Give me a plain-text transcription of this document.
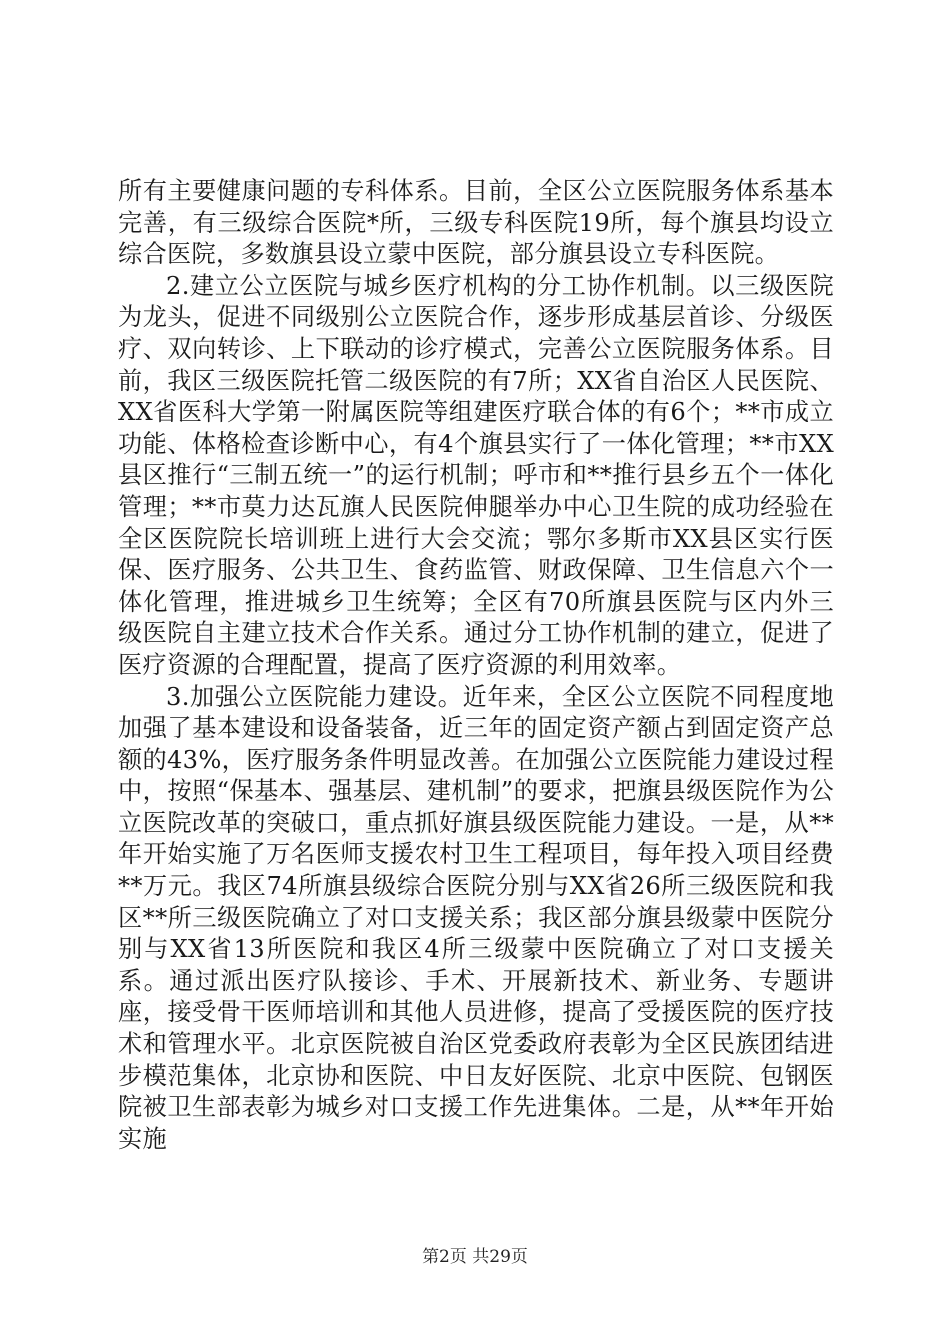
所有主要健康问题的专科体系。目前，全区公立医院服务体系基本完善，有三级综合医院*所，三级专科医院19所，每个旗县均设立综合医院，多数旗县设立蒙中医院，部分旗县设立专科医院。

2.建立公立医院与城乡医疗机构的分工协作机制。以三级医院为龙头，促进不同级别公立医院合作，逐步形成基层首诊、分级医疗、双向转诊、上下联动的诊疗模式，完善公立医院服务体系。目前，我区三级医院托管二级医院的有7所；XX省自治区人民医院、XX省医科大学第一附属医院等组建医疗联合体的有6个；**市成立功能、体格检查诊断中心，有4个旗县实行了一体化管理；**市XX县区推行“三制五统一”的运行机制；呼市和**推行县乡五个一体化管理；**市莫力达瓦旗人民医院伸腿举办中心卫生院的成功经验在全区医院院长培训班上进行大会交流；鄂尔多斯市XX县区实行医保、医疗服务、公共卫生、食药监管、财政保障、卫生信息六个一体化管理，推进城乡卫生统筹；全区有70所旗县医院与区内外三级医院自主建立技术合作关系。通过分工协作机制的建立，促进了医疗资源的合理配置，提高了医疗资源的利用效率。

3.加强公立医院能力建设。近年来，全区公立医院不同程度地加强了基本建设和设备装备，近三年的固定资产额占到固定资产总额的43%，医疗服务条件明显改善。在加强公立医院能力建设过程中，按照“保基本、强基层、建机制”的要求，把旗县级医院作为公立医院改革的突破口，重点抓好旗县级医院能力建设。一是，从**年开始实施了万名医师支援农村卫生工程项目，每年投入项目经费**万元。我区74所旗县级综合医院分别与XX省26所三级医院和我区**所三级医院确立了对口支援关系；我区部分旗县级蒙中医院分别与XX省13所医院和我区4所三级蒙中医院确立了对口支援关系。通过派出医疗队接诊、手术、开展新技术、新业务、专题讲座，接受骨干医师培训和其他人员进修，提高了受援医院的医疗技术和管理水平。北京医院被自治区党委政府表彰为全区民族团结进步模范集体，北京协和医院、中日友好医院、北京中医院、包钢医院被卫生部表彰为城乡对口支援工作先进集体。二是，从**年开始实施

第2页 共29页
